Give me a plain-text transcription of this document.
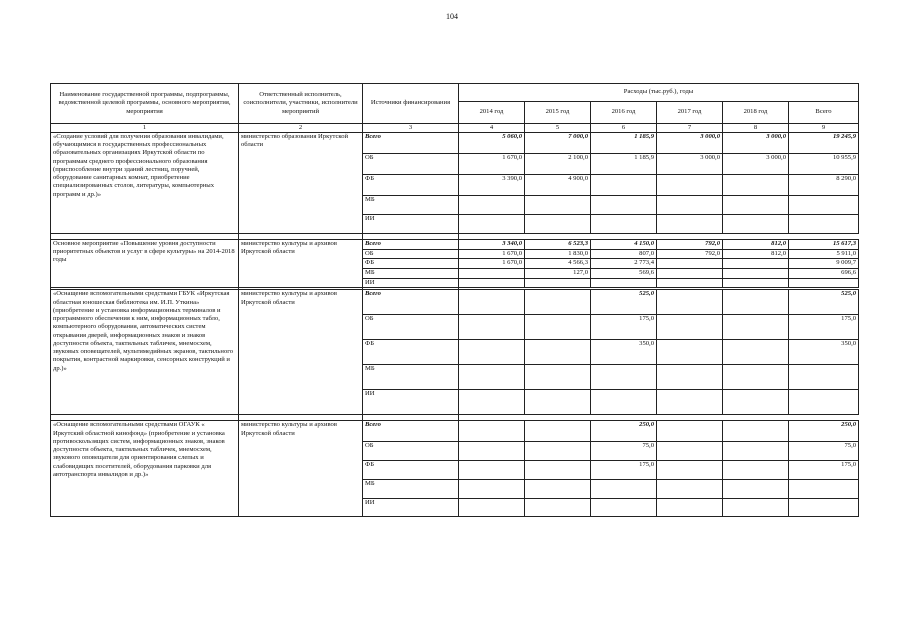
104
Наименование государственной программы, подпрограммы, ведомственной целевой программы, основного мероприятия, мероприятия	Ответственный исполнитель, соисполнители, участники, исполнители мероприятий	Источники финансирования	Расходы (тыс.руб.), годы					
			2014 год	2015 год	2016 год	2017 год	2018 год	Всего
1	2	3	4	5	6	7	8	9
«Создание условий для получения образования инвалидами, обучающимися в государственных профессиональных образовательных организациях Иркутской области по программам среднего профессионального образования (приспособление внутри зданий лестниц, поручней, оборудование санитарных комнат, приобретение специализированных столов, литературы, компьютерных программ и др.)»	министерство образования Иркутской области	Всего	5 060,0	7 000,0	1 185,9	3 000,0	3 000,0	19 245,9
		ОБ	1 670,0	2 100,0	1 185,9	3 000,0	3 000,0	10 955,9
		ФБ	3 390,0	4 900,0				8 290,0
		МБ						
		ИИ						

Основное мероприятие «Повышение уровня доступности приоритетных объектов и услуг в сфере культуры» на 2014-2018 годы	министерство культуры и архивов Иркутской области	Всего	3 340,0	6 523,3	4 150,0	792,0	812,0	15 617,3
		ОБ	1 670,0	1 830,0	807,0	792,0	812,0	5 911,0
		ФБ	1 670,0	4 566,3	2 773,4			9 009,7
		МБ		127,0	569,6			696,6
		ИИ						

«Оснащение вспомогательными средствами ГБУК «Иркутская областная юношеская библиотека им. И.П. Уткина» (приобретение и установка информационных терминалов и программного обеспечения к ним, информационных табло, компьютерного оборудования, автоматических систем открывания дверей, информационных знаков и знаков доступности объекта, тактильных табличек, мнемосхем, звуковых оповещателей, мультимедийных экранов, тактильного покрытия, контрастной маркировки, сенсорных конструкций и др.)»	министерство культуры и архивов Иркутской области	Всего			525,0			525,0
		ОБ			175,0			175,0
		ФБ			350,0			350,0
		МБ						
		ИИ						

«Оснащение вспомогательными средствами ОГАУК « Иркутский областной кинофонд» (приобретение и установка противоскользящих систем, информационных знаков, знаков доступности объекта, тактильных табличек, мнемосхем, звукового оповещателя для ориентирования слепых и слабовидящих посетителей, оборудования парковки для автотранспорта инвалидов и др.)»	министерство культуры и архивов Иркутской области	Всего			250,0			250,0
		ОБ			75,0			75,0
		ФБ			175,0			175,0
		МБ						
		ИИ						
